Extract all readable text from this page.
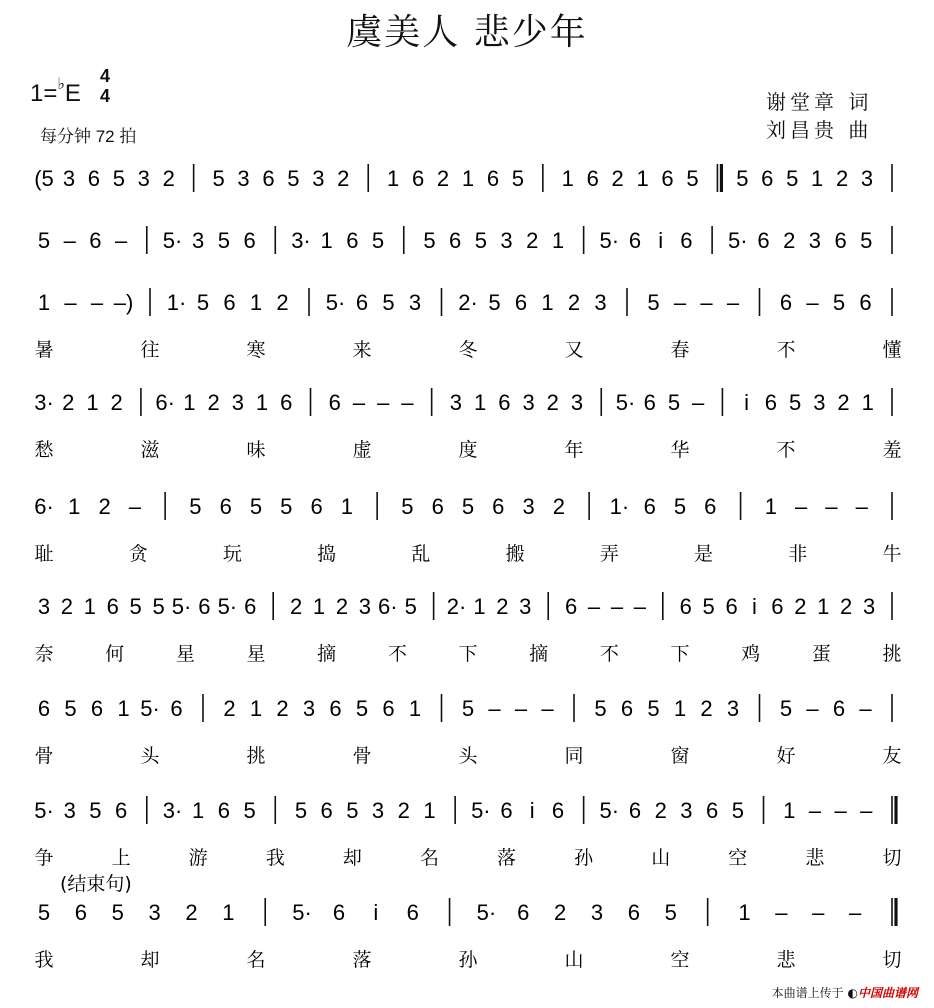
虞美人 悲少年
1=♭E
4
4
每分钟 72 拍
谢堂章 词
刘昌贵 曲
(5 3 6 5 3 2 5 3 6 5 3 2 1 6 2 1 6 5 1 6 2 1 6 5 5 6 5 1 2 3
5 – 6 – 5· 3 5 6 3· 1 6 5 5 6 5 3 2 1 5· 6 i 6 5· 6 2 3 6 5
1 – – –) 1· 5 6 1 2 5· 6 5 3 2· 5 6 1 2 3 5 – – – 6 – 5 6
暑	往	寒	来	冬	又	春	不	懂
3· 2 1 2 6· 1 2 3 1 6 6 – – – 3 1 6 3 2 3 5· 6 5 – i 6 5 3 2 1
愁	滋	味	虚	度	年	华	不	羞
6· 1 2 – 5 6 5 5 6 1 5 6 5 6 3 2 1· 6 5 6 1 – – –
耻	贪	玩	捣	乱	搬	弄	是	非	牛
3 2 1 6 5 5 5· 6 5· 6 2 1 2 3 6· 5 2· 1 2 3 6 – – – 6 5 6 i 6 2 1 2 3
奈	何	星	星	摘	不	下	摘	不	下	鸡	蛋	挑
6 5 6 1 5· 6 2 1 2 3 6 5 6 1 5 – – – 5 6 5 1 2 3 5 – 6 –
骨	头	挑	骨	头	同	窗	好	友
5· 3 5 6 3· 1 6 5 5 6 5 3 2 1 5· 6 i 6 5· 6 2 3 6 5 1 – – –
争	上	游	我	却	名	落	孙	山	空	悲	切
5 6 5 3 2 1	5· 6 i 6	5· 6 2 3 6 5	1 – – –
我	却	名	落	孙	山	空	悲	切
(结束句)
本曲谱上传于 ◐中国曲谱网
